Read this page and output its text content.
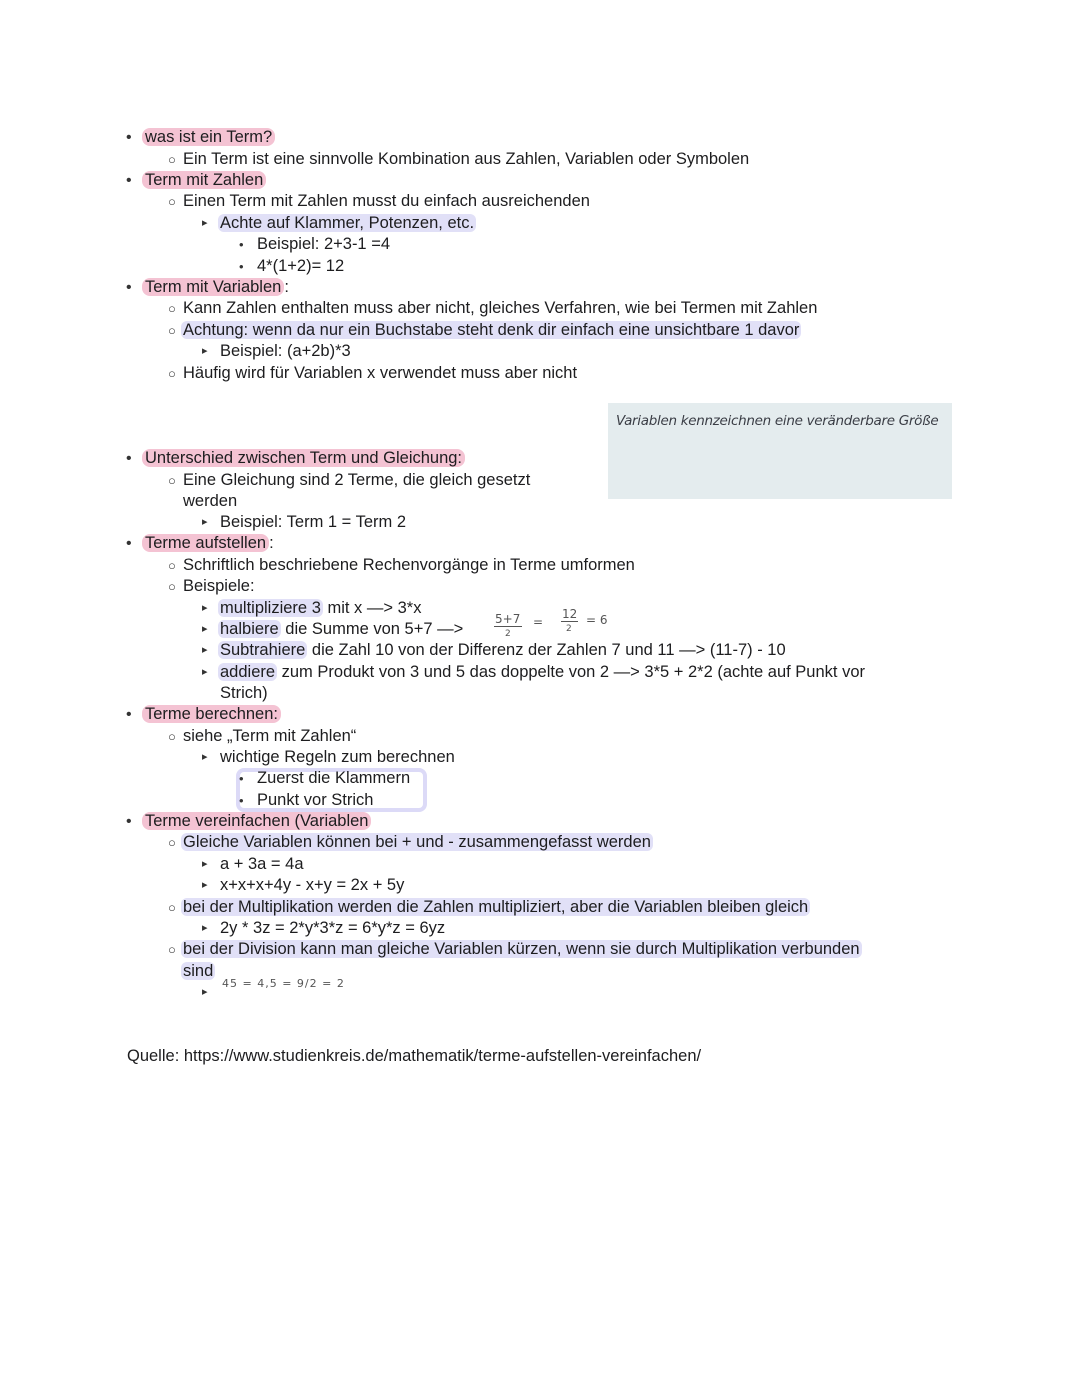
• was ist ein Term?
○ Ein Term ist eine sinnvolle Kombination aus Zahlen, Variablen oder Symbolen
• Term mit Zahlen
○ Einen Term mit Zahlen musst du einfach ausreichenden
▸ Achte auf Klammer, Potenzen, etc.
• Beispiel: 2+3-1 =4
• 4*(1+2)= 12
• Term mit Variablen :
○ Kann Zahlen enthalten muss aber nicht, gleiches Verfahren, wie bei Termen mit Zahlen
○ Achtung: wenn da nur ein Buchstabe steht denk dir einfach eine unsichtbare 1 davor
▸ Beispiel: (a+2b)*3
○ Häufig wird für Variablen x verwendet muss aber nicht
Variablen kennzeichnen eine veränderbare Größe
• Unterschied zwischen Term und Gleichung:
○ Eine Gleichung sind 2 Terme, die gleich gesetzt
werden
▸ Beispiel: Term 1 = Term 2
• Terme aufstellen :
○ Schriftlich beschriebene Rechenvorgänge in Terme umformen
○ Beispiele:
▸ multipliziere 3 mit x —> 3*x
▸ halbiere die Summe von 5+7 —>
▸ Subtrahiere die Zahl 10 von der Differenz der Zahlen 7 und 11 —> (11-7) - 10
▸ addiere zum Produkt von 3 und 5 das doppelte von 2 —> 3*5 + 2*2 (achte auf Punkt vor
Strich)
5+7
2
=
12
2
= 6
• Terme berechnen:
○ siehe „Term mit Zahlen“
▸ wichtige Regeln zum berechnen
• Zuerst die Klammern
• Punkt vor Strich
• Terme vereinfachen (Variablen
○ Gleiche Variablen können bei + und - zusammengefasst werden
▸ a + 3a = 4a
▸ x+x+x+4y - x+y = 2x + 5y
○ bei der Multiplikation werden die Zahlen multipliziert, aber die Variablen bleiben gleich
▸ 2y * 3z = 2*y*3*z = 6*y*z = 6yz
○ bei der Division kann man gleiche Variablen kürzen, wenn sie durch Multiplikation verbunden
sind
▸
45 = 4,5 = 9/2 = 2
Quelle: https://www.studienkreis.de/mathematik/terme-aufstellen-vereinfachen/
